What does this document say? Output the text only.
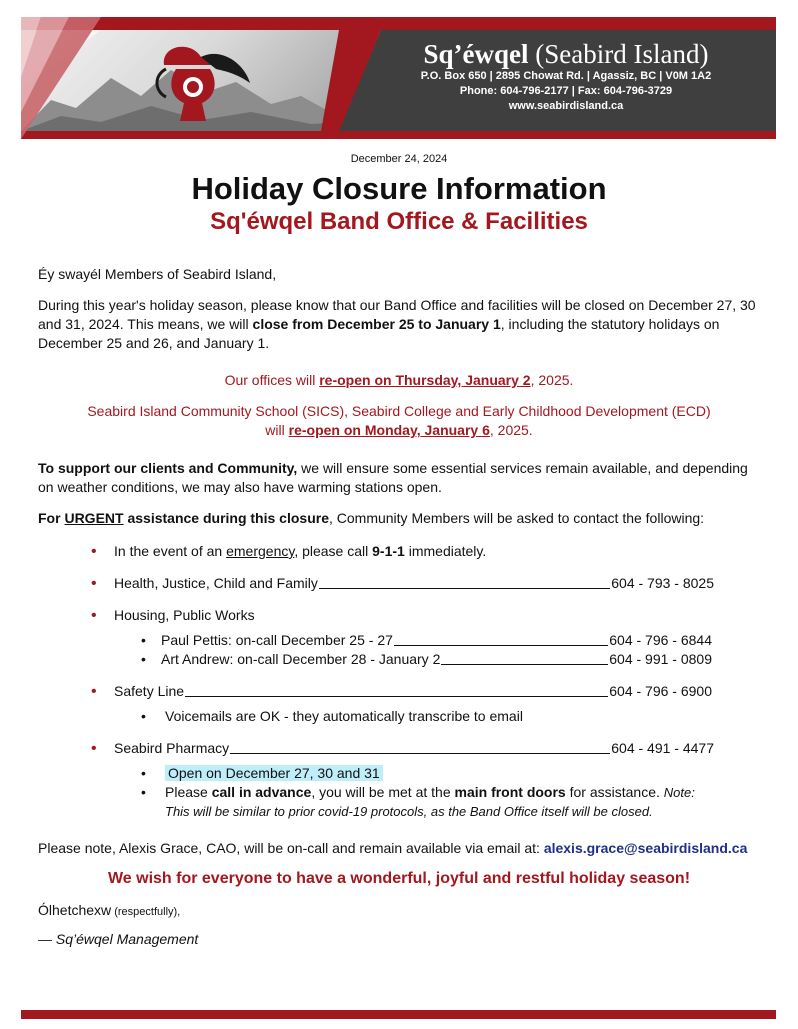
Sq’éwqel (Seabird Island)
P.O. Box 650 | 2895 Chowat Rd. | Agassiz, BC | V0M 1A2
Phone: 604-796-2177 | Fax: 604-796-3729
www.seabirdisland.ca
December 24, 2024
Holiday Closure Information
Sq'éwqel Band Office & Facilities

Éy swayél Members of Seabird Island,

During this year's holiday season, please know that our Band Office and facilities will be closed on December 27, 30 and 31, 2024. This means, we will close from December 25 to January 1, including the statutory holidays on December 25 and 26, and January 1.

Our offices will re-open on Thursday, January 2, 2025.

Seabird Island Community School (SICS), Seabird College and Early Childhood Development (ECD)
will re-open on Monday, January 6, 2025.

To support our clients and Community, we will ensure some essential services remain available, and depending on weather conditions, we may also have warming stations open.

For URGENT assistance during this closure, Community Members will be asked to contact the following:

• In the event of an emergency, please call 9-1-1 immediately.
• Health, Justice, Child and Family	604 - 793 - 8025
• Housing, Public Works
• Paul Pettis: on-call December 25 - 27	604 - 796 - 6844
• Art Andrew: on-call December 28 - January 2	604 - 991 - 0809
• Safety Line	604 - 796 - 6900
• Voicemails are OK - they automatically transcribe to email
• Seabird Pharmacy	604 - 491 - 4477
• Open on December 27, 30 and 31
• Please call in advance, you will be met at the main front doors for assistance. Note: This will be similar to prior covid-19 protocols, as the Band Office itself will be closed.

Please note, Alexis Grace, CAO, will be on-call and remain available via email at: alexis.grace@seabirdisland.ca

We wish for everyone to have a wonderful, joyful and restful holiday season!

Ólhetchexw (respectfully),

— Sq’éwqel Management
